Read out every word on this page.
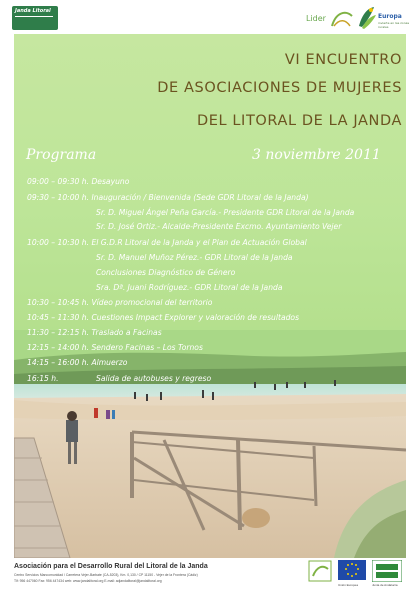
Janda Litoral
Lider	Europa
invierte en las zonas rurales
VI ENCUENTRO
DE ASOCIACIONES DE MUJERES
DEL LITORAL DE LA JANDA
Programa	3 noviembre 2011
09:00 – 09:30 h. Desayuno
09:30 – 10:00 h. Inauguración / Bienvenida (Sede GDR Litoral de la Janda)
Sr. D. Miguel Ángel Peña García.- Presidente GDR Litoral de la Janda
Sr. D. José Ortiz.- Alcalde-Presidente Excmo. Ayuntamiento Vejer
10:00 – 10:30 h. El G.D.R Litoral de la Janda y el Plan de Actuación Global
Sr. D. Manuel Muñoz Pérez.- GDR Litoral de la Janda
Conclusiones Diagnóstico de Género
Sra. Dª. Juani Rodríguez.- GDR Litoral de la Janda
10:30 – 10:45 h. Vídeo promocional del territorio
10:45 – 11:30 h. Cuestiones Impact Explorer y valoración de resultados
11:30 – 12:15 h. Traslado a Facinas
12:15 – 14:00 h. Sendero Facinas – Los Tornos
14:15 – 16:00 h. Almuerzo
16:15 h.	Salida de autobuses y regreso
Asociación para el Desarrollo Rural del Litoral de la Janda
Centro Servicios Mancomunidad / Carretera Vejer-Barbate (CA-5203), Km. 0,130 / CP 11150 - Vejer de la Frontera (Cádiz)
Tlf: 956 447060 Fax: 956 447434 web: www.jandalitoral.org E-mail: adjandalitoral@jandalitoral.org
Unión Europea	Junta de Andalucía
